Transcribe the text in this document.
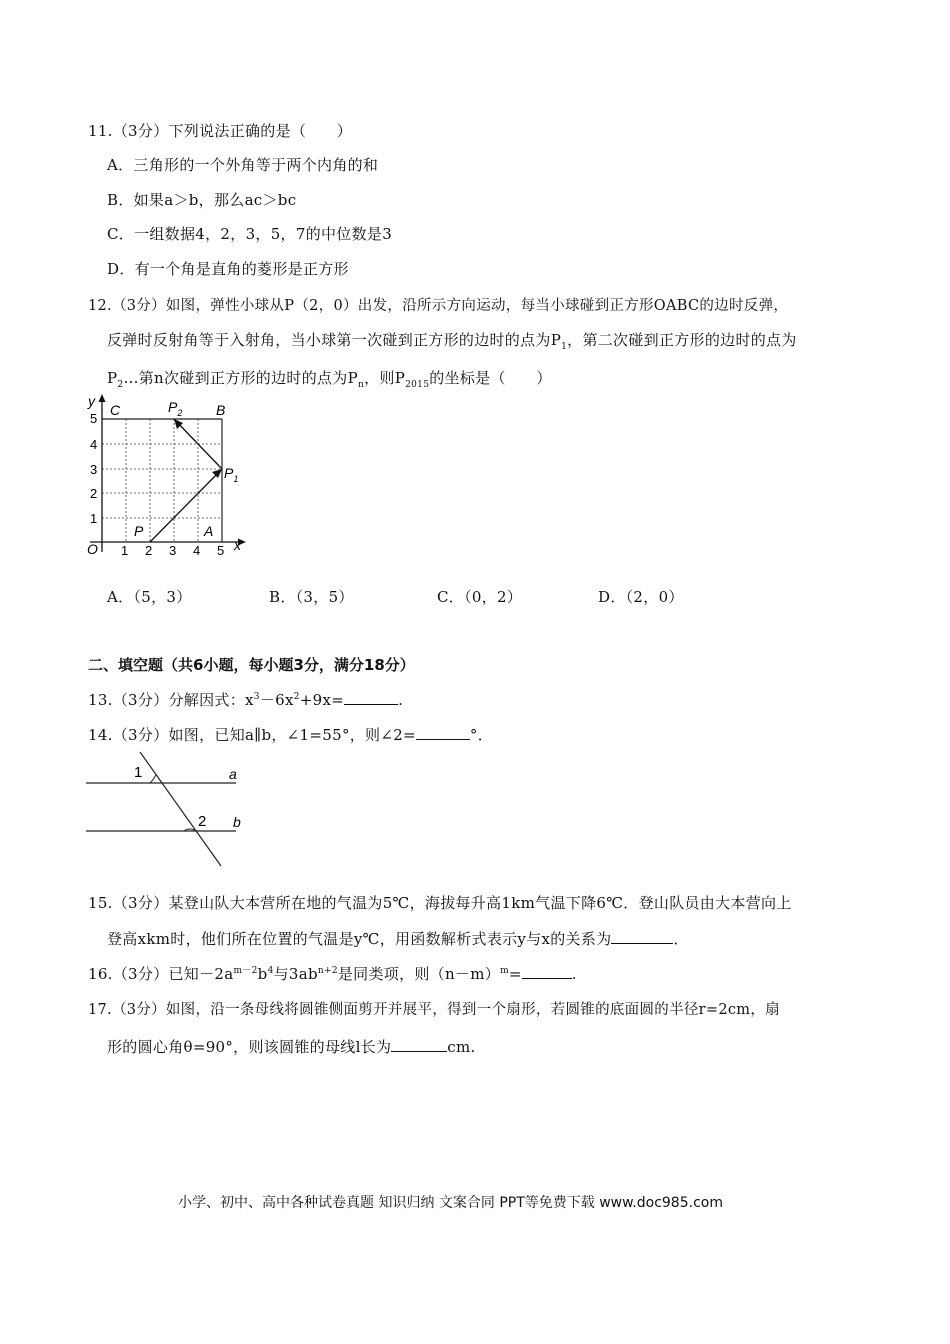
11.（3分）下列说法正确的是（　　）
A．三角形的一个外角等于两个内角的和
B．如果a＞b，那么ac＞bc
C．一组数据4，2，3，5，7的中位数是3
D．有一个角是直角的菱形是正方形
12.（3分）如图，弹性小球从P（2，0）出发，沿所示方向运动，每当小球碰到正方形OABC的边时反弹，
反弹时反射角等于入射角，当小球第一次碰到正方形的边时的点为$P_1$，第二次碰到正方形的边时的点为
$P_2\dots$第n次碰到正方形的边时的点为$P_n$，则$P_{2015}$的坐标是（　　）
y
x
O
5
4
3
2
1
1 2 3 4 5
C	B
A
P
$P_1$
$P_2$
A．（5，3）	B．（3，5）	C．（0，2）	D．（2，0）
二、填空题（共6小题，每小题3分，满分18分）
13.（3分）分解因式：$x^3-6x^2+9x=$	.
14.（3分）如图，已知a∥b，∠1=55°，则∠2=	°．
1
2
a
b
15.（3分）某登山队大本营所在地的气温为5℃，海拔每升高1km气温下降6℃．登山队员由大本营向上
登高xkm时，他们所在位置的气温是y℃，用函数解析式表示y与x的关系为	．
16.（3分）已知$-2a^{m-2}b^4$与$3ab^{n+2}$是同类项，则$(n-m)^m=$	.
17.（3分）如图，沿一条母线将圆锥侧面剪开并展平，得到一个扇形，若圆锥的底面圆的半径r=2cm，扇
形的圆心角θ=90°，则该圆锥的母线l长为	cm.
小学、初中、高中各种试卷真题 知识归纳 文案合同 PPT等免费下载 www.doc985.com
